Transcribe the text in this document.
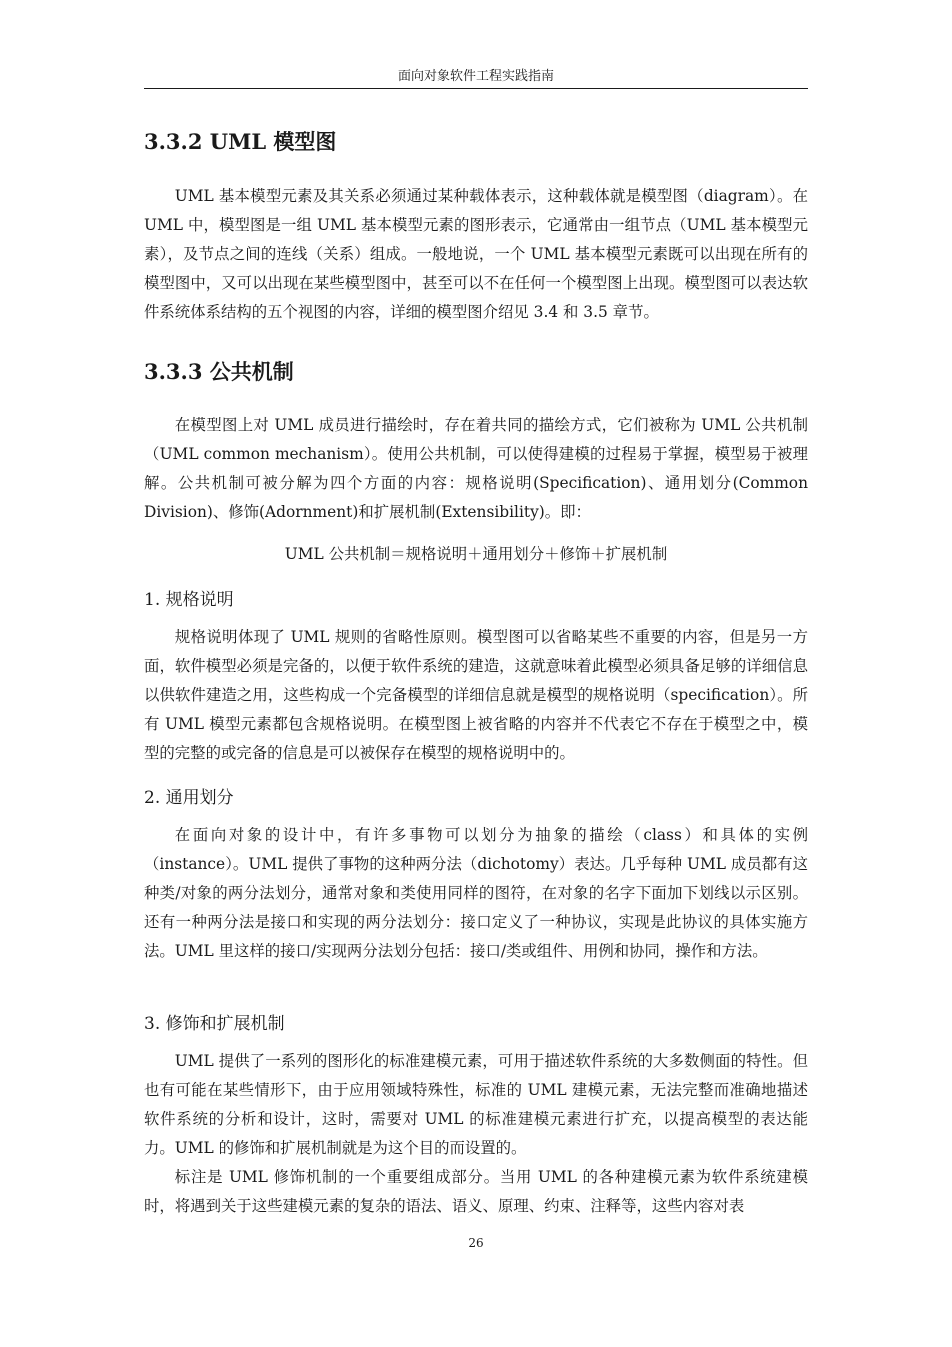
面向对象软件工程实践指南
3.3.2 UML 模型图
UML 基本模型元素及其关系必须通过某种载体表示，这种载体就是模型图（diagram）。在 UML 中，模型图是一组 UML 基本模型元素的图形表示，它通常由一组节点（UML 基本模型元素），及节点之间的连线（关系）组成。一般地说，一个 UML 基本模型元素既可以出现在所有的模型图中，又可以出现在某些模型图中，甚至可以不在任何一个模型图上出现。模型图可以表达软件系统体系结构的五个视图的内容，详细的模型图介绍见 3.4 和 3.5 章节。
3.3.3 公共机制
在模型图上对 UML 成员进行描绘时，存在着共同的描绘方式，它们被称为 UML 公共机制（UML common mechanism）。使用公共机制，可以使得建模的过程易于掌握，模型易于被理解。公共机制可被分解为四个方面的内容：规格说明(Specification)、通用划分(Common Division)、修饰(Adornment)和扩展机制(Extensibility)。即：
UML 公共机制＝规格说明＋通用划分＋修饰＋扩展机制
1. 规格说明
规格说明体现了 UML 规则的省略性原则。模型图可以省略某些不重要的内容，但是另一方面，软件模型必须是完备的，以便于软件系统的建造，这就意味着此模型必须具备足够的详细信息以供软件建造之用，这些构成一个完备模型的详细信息就是模型的规格说明（specification）。所有 UML 模型元素都包含规格说明。在模型图上被省略的内容并不代表它不存在于模型之中，模型的完整的或完备的信息是可以被保存在模型的规格说明中的。
2. 通用划分
在面向对象的设计中，有许多事物可以划分为抽象的描绘（class）和具体的实例（instance）。UML 提供了事物的这种两分法（dichotomy）表达。几乎每种 UML 成员都有这种类/对象的两分法划分，通常对象和类使用同样的图符，在对象的名字下面加下划线以示区别。还有一种两分法是接口和实现的两分法划分：接口定义了一种协议，实现是此协议的具体实施方法。UML 里这样的接口/实现两分法划分包括：接口/类或组件、用例和协同，操作和方法。
3. 修饰和扩展机制
UML 提供了一系列的图形化的标准建模元素，可用于描述软件系统的大多数侧面的特性。但也有可能在某些情形下，由于应用领域特殊性，标准的 UML 建模元素，无法完整而准确地描述软件系统的分析和设计，这时，需要对 UML 的标准建模元素进行扩充，以提高模型的表达能力。UML 的修饰和扩展机制就是为这个目的而设置的。
标注是 UML 修饰机制的一个重要组成部分。当用 UML 的各种建模元素为软件系统建模时，将遇到关于这些建模元素的复杂的语法、语义、原理、约束、注释等，这些内容对表
26
